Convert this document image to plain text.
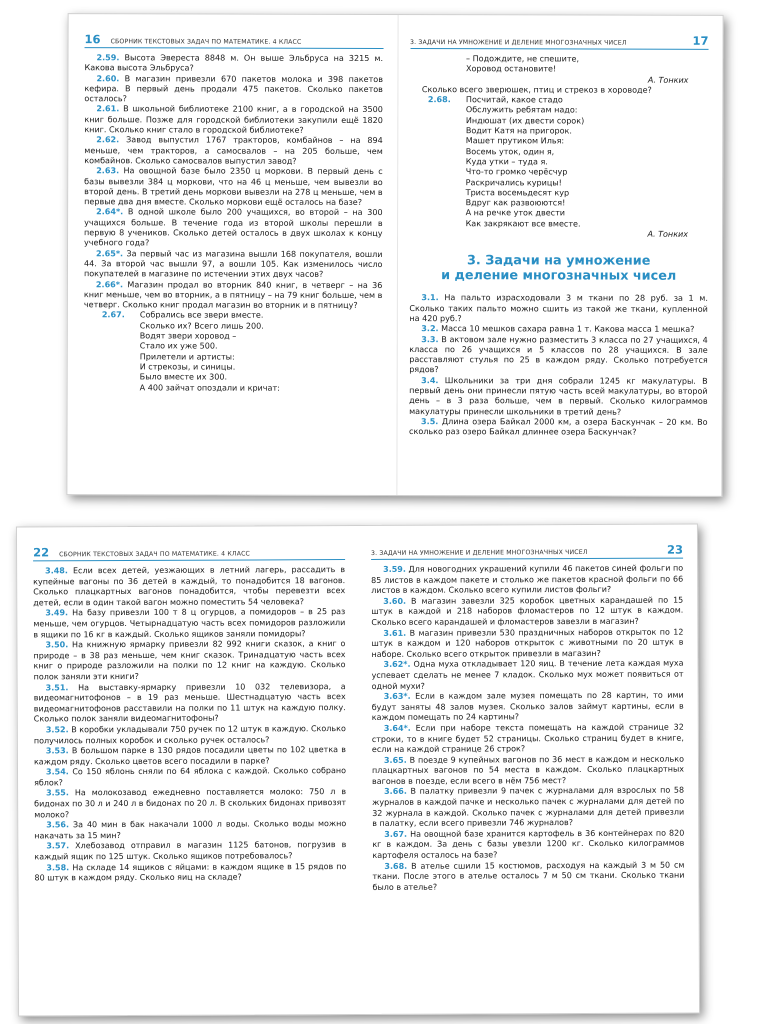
16 СБОРНИК ТЕКСТОВЫХ ЗАДАЧ ПО МАТЕМАТИКЕ. 4 КЛАСС
2.59. Высота Эвереста 8848 м. Он выше Эльбруса на 3215 м. Какова высота Эльбруса?
2.60. В магазин привезли 670 пакетов молока и 398 пакетов кефира. В первый день продали 475 пакетов. Сколько пакетов осталось?
2.61. В школьной библиотеке 2100 книг, а в городской на 3500 книг больше. Позже для городской библиотеки закупили ещё 1820 книг. Сколько книг стало в городской библиотеке?
2.62. Завод выпустил 1767 тракторов, комбайнов – на 894 меньше, чем тракторов, а самосвалов – на 205 больше, чем комбайнов. Сколько самосвалов выпустил завод?
2.63. На овощной базе было 2350 ц моркови. В первый день с базы вывезли 384 ц моркови, что на 46 ц меньше, чем вывезли во второй день. В третий день моркови вывезли на 278 ц меньше, чем в первые два дня вместе. Сколько моркови ещё осталось на базе?
2.64*. В одной школе было 200 учащихся, во второй – на 300 учащихся больше. В течение года из второй школы перешли в первую 8 учеников. Сколько детей осталось в двух школах к концу учебного года?
2.65*. За первый час из магазина вышли 168 покупателя, вошли 44. За второй час вышли 97, а вошли 105. Как изменилось число покупателей в магазине по истечении этих двух часов?
2.66*. Магазин продал во вторник 840 книг, в четверг – на 36 книг меньше, чем во вторник, а в пятницу – на 79 книг больше, чем в четверг. Сколько книг продал магазин во вторник и в пятницу?
2.67.	Собрались все звери вместе.
Сколько их? Всего лишь 200.
Водят звери хоровод –
Стало их уже 500.
Прилетели и артисты:
И стрекозы, и синицы.
Было вместе их 300.
А 400 зайчат опоздали и кричат:
3. ЗАДАЧИ НА УМНОЖЕНИЕ И ДЕЛЕНИЕ МНОГОЗНАЧНЫХ ЧИСЕЛ	17
– Подождите, не спешите,
Хоровод остановите!
А. Тонких
Сколько всего зверюшек, птиц и стрекоз в хороводе?
2.68.	Посчитай, какое стадо
Обслужить ребятам надо:
Индюшат (их двести сорок)
Водит Катя на пригорок.
Машет прутиком Илья:
Восемь уток, один я,
Куда утки – туда я.
Что-то громко черёсчур
Раскричались курицы!
Триста восемьдесят кур
Вдруг как развоюются!
А на речке уток двести
Как закрякают все вместе.
А. Тонких
3. Задачи на умножение
и деление многозначных чисел
3.1. На пальто израсходовали 3 м ткани по 28 руб. за 1 м. Сколько таких пальто можно сшить из такой же ткани, купленной на 420 руб.?
3.2. Масса 10 мешков сахара равна 1 т. Какова масса 1 мешка?
3.3. В актовом зале нужно разместить 3 класса по 27 учащихся, 4 класса по 26 учащихся и 5 классов по 28 учащихся. В зале расставляют стулья по 25 в каждом ряду. Сколько потребуется рядов?
3.4. Школьники за три дня собрали 1245 кг макулатуры. В первый день они принесли пятую часть всей макулатуры, во второй день – в 3 раза больше, чем в первый. Сколько килограммов макулатуры принесли школьники в третий день?
3.5. Длина озера Байкал 2000 км, а озера Баскунчак – 20 км. Во сколько раз озеро Байкал длиннее озера Баскунчак?
22 СБОРНИК ТЕКСТОВЫХ ЗАДАЧ ПО МАТЕМАТИКЕ. 4 КЛАСС
3.48. Если всех детей, уезжающих в летний лагерь, рассадить в купейные вагоны по 36 детей в каждый, то понадобится 18 вагонов. Сколько плацкартных вагонов понадобится, чтобы перевезти всех детей, если в один такой вагон можно поместить 54 человека?
3.49. На базу привезли 100 т 8 ц огурцов, а помидоров – в 25 раз меньше, чем огурцов. Четырнадцатую часть всех помидоров разложили в ящики по 16 кг в каждый. Сколько ящиков заняли помидоры?
3.50. На книжную ярмарку привезли 82 992 книги сказок, а книг о природе – в 38 раз меньше, чем книг сказок. Тринадцатую часть всех книг о природе разложили на полки по 12 книг на каждую. Сколько полок заняли эти книги?
3.51. На выставку-ярмарку привезли 10 032 телевизора, а видеомагнитофонов – в 19 раз меньше. Шестнадцатую часть всех видеомагнитофонов расставили на полки по 11 штук на каждую полку. Сколько полок заняли видеомагнитофоны?
3.52. В коробки укладывали 750 ручек по 12 штук в каждую. Сколько получилось полных коробок и сколько ручек осталось?
3.53. В большом парке в 130 рядов посадили цветы по 102 цветка в каждом ряду. Сколько цветов всего посадили в парке?
3.54. Со 150 яблонь сняли по 64 яблока с каждой. Сколько собрано яблок?
3.55. На молокозавод ежедневно поставляется молоко: 750 л в бидонах по 30 л и 240 л в бидонах по 20 л. В скольких бидонах привозят молоко?
3.56. За 40 мин в бак накачали 1000 л воды. Сколько воды можно накачать за 15 мин?
3.57. Хлебозавод отправил в магазин 1125 батонов, погрузив в каждый ящик по 125 штук. Сколько ящиков потребовалось?
3.58. На складе 14 ящиков с яйцами: в каждом ящике в 15 рядов по 80 штук в каждом ряду. Сколько яиц на складе?
3. ЗАДАЧИ НА УМНОЖЕНИЕ И ДЕЛЕНИЕ МНОГОЗНАЧНЫХ ЧИСЕЛ	23
3.59. Для новогодних украшений купили 46 пакетов синей фольги по 85 листов в каждом пакете и столько же пакетов красной фольги по 66 листов в каждом. Сколько всего купили листов фольги?
3.60. В магазин завезли 325 коробок цветных карандашей по 15 штук в каждой и 218 наборов фломастеров по 12 штук в каждом. Сколько всего карандашей и фломастеров завезли в магазин?
3.61. В магазин привезли 530 праздничных наборов открыток по 12 штук в каждом и 120 наборов открыток с животными по 20 штук в наборе. Сколько всего открыток привезли в магазин?
3.62*. Одна муха откладывает 120 яиц. В течение лета каждая муха успевает сделать не менее 7 кладок. Сколько мух может появиться от одной мухи?
3.63*. Если в каждом зале музея помещать по 28 картин, то ими будут заняты 48 залов музея. Сколько залов займут картины, если в каждом помещать по 24 картины?
3.64*. Если при наборе текста помещать на каждой странице 32 строки, то в книге будет 52 страницы. Сколько страниц будет в книге, если на каждой странице 26 строк?
3.65. В поезде 9 купейных вагонов по 36 мест в каждом и несколько плацкартных вагонов по 54 места в каждом. Сколько плацкартных вагонов в поезде, если всего в нём 756 мест?
3.66. В палатку привезли 9 пачек с журналами для взрослых по 58 журналов в каждой пачке и несколько пачек с журналами для детей по 32 журнала в каждой. Сколько пачек с журналами для детей привезли в палатку, если всего привезли 746 журналов?
3.67. На овощной базе хранится картофель в 36 контейнерах по 820 кг в каждом. За день с базы увезли 1200 кг. Сколько килограммов картофеля осталось на базе?
3.68. В ателье сшили 15 костюмов, расходуя на каждый 3 м 50 см ткани. После этого в ателье осталось 7 м 50 см ткани. Сколько ткани было в ателье?
